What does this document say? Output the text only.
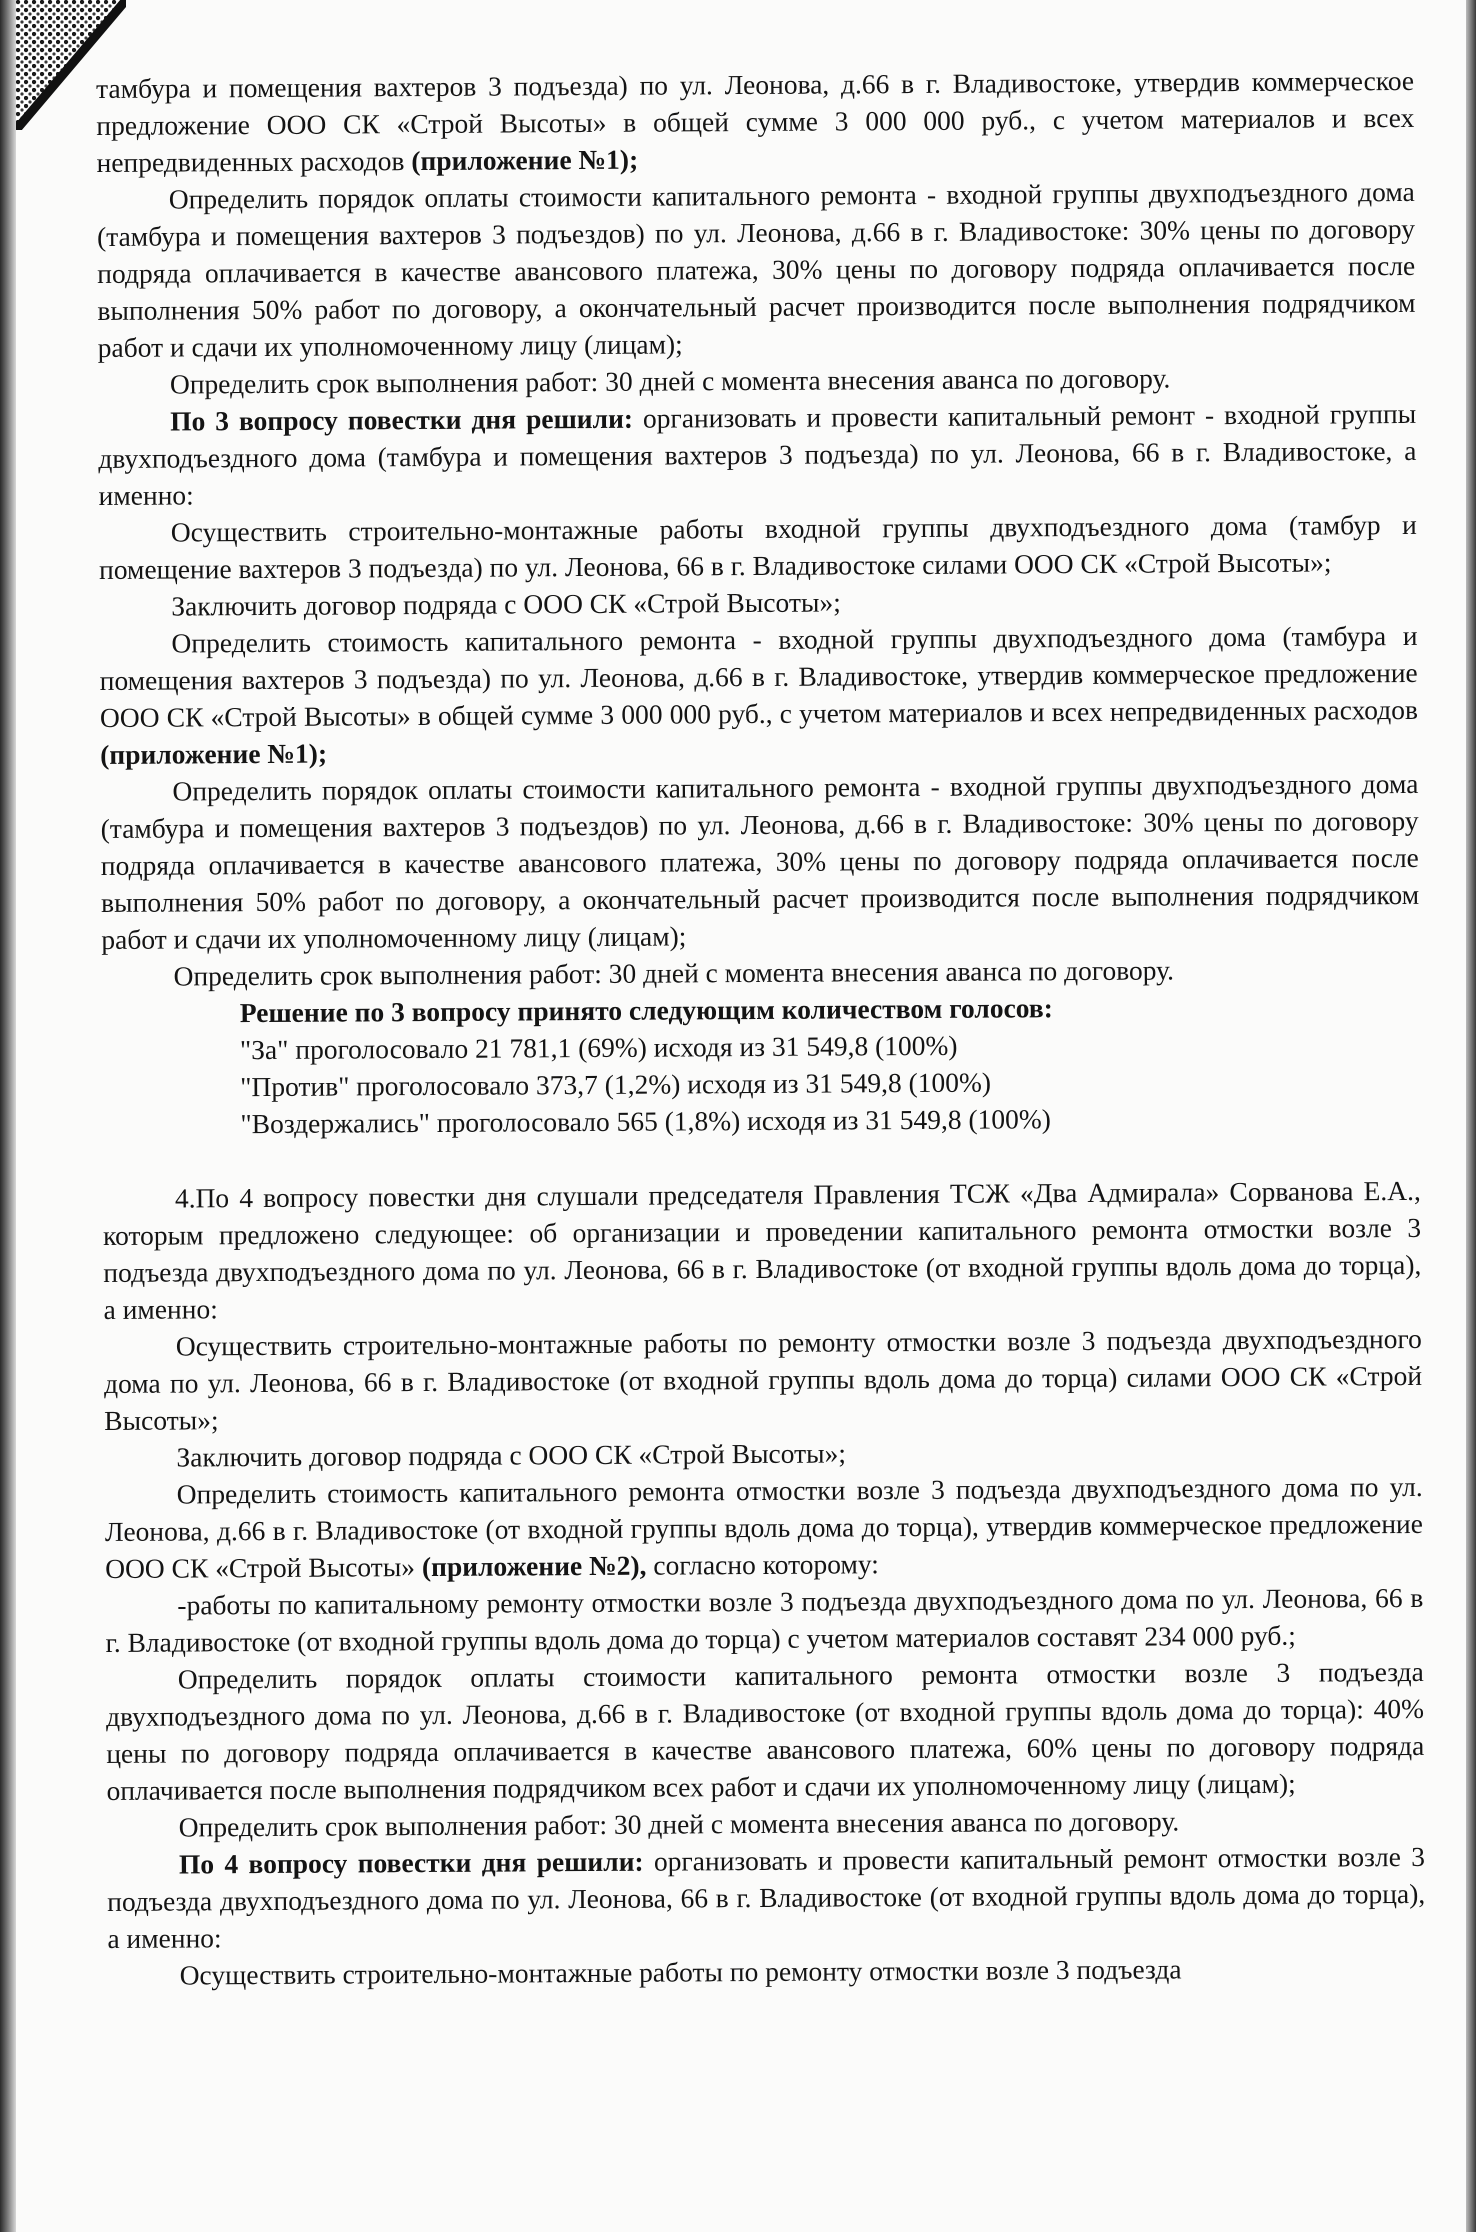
тамбура и помещения вахтеров 3 подъезда) по ул. Леонова, д.66 в г. Владивостоке, утвердив коммерческое предложение ООО СК «Строй Высоты» в общей сумме 3 000 000 руб., с учетом материалов и всех непредвиденных расходов (приложение №1);
Определить порядок оплаты стоимости капитального ремонта - входной группы двухподъездного дома (тамбура и помещения вахтеров 3 подъездов) по ул. Леонова, д.66 в г. Владивостоке: 30% цены по договору подряда оплачивается в качестве авансового платежа, 30% цены по договору подряда оплачивается после выполнения 50% работ по договору, а окончательный расчет производится после выполнения подрядчиком работ и сдачи их уполномоченному лицу (лицам);
Определить срок выполнения работ: 30 дней с момента внесения аванса по договору.
По 3 вопросу повестки дня решили: организовать и провести капитальный ремонт - входной группы двухподъездного дома (тамбура и помещения вахтеров 3 подъезда) по ул. Леонова, 66 в г. Владивостоке, а именно:
Осуществить строительно-монтажные работы входной группы двухподъездного дома (тамбур и помещение вахтеров 3 подъезда) по ул. Леонова, 66 в г. Владивостоке силами ООО СК «Строй Высоты»;
Заключить договор подряда с ООО СК «Строй Высоты»;
Определить стоимость капитального ремонта - входной группы двухподъездного дома (тамбура и помещения вахтеров 3 подъезда) по ул. Леонова, д.66 в г. Владивостоке, утвердив коммерческое предложение ООО СК «Строй Высоты» в общей сумме 3 000 000 руб., с учетом материалов и всех непредвиденных расходов (приложение №1);
Определить порядок оплаты стоимости капитального ремонта - входной группы двухподъездного дома (тамбура и помещения вахтеров 3 подъездов) по ул. Леонова, д.66 в г. Владивостоке: 30% цены по договору подряда оплачивается в качестве авансового платежа, 30% цены по договору подряда оплачивается после выполнения 50% работ по договору, а окончательный расчет производится после выполнения подрядчиком работ и сдачи их уполномоченному лицу (лицам);
Определить срок выполнения работ: 30 дней с момента внесения аванса по договору.
Решение по 3 вопросу принято следующим количеством голосов:
"За" проголосовало 21 781,1 (69%) исходя из 31 549,8 (100%)
"Против" проголосовало 373,7 (1,2%) исходя из 31 549,8 (100%)
"Воздержались" проголосовало 565 (1,8%) исходя из 31 549,8 (100%)
4.По 4 вопросу повестки дня слушали председателя Правления ТСЖ «Два Адмирала» Сорванова Е.А., которым предложено следующее: об организации и проведении капитального ремонта отмостки возле 3 подъезда двухподъездного дома по ул. Леонова, 66 в г. Владивостоке (от входной группы вдоль дома до торца), а именно:
Осуществить строительно-монтажные работы по ремонту отмостки возле 3 подъезда двухподъездного дома по ул. Леонова, 66 в г. Владивостоке (от входной группы вдоль дома до торца) силами ООО СК «Строй Высоты»;
Заключить договор подряда с ООО СК «Строй Высоты»;
Определить стоимость капитального ремонта отмостки возле 3 подъезда двухподъездного дома по ул. Леонова, д.66 в г. Владивостоке (от входной группы вдоль дома до торца), утвердив коммерческое предложение ООО СК «Строй Высоты» (приложение №2), согласно которому:
-работы по капитальному ремонту отмостки возле 3 подъезда двухподъездного дома по ул. Леонова, 66 в г. Владивостоке (от входной группы вдоль дома до торца) с учетом материалов составят 234 000 руб.;
Определить порядок оплаты стоимости капитального ремонта отмостки возле 3 подъезда двухподъездного дома по ул. Леонова, д.66 в г. Владивостоке (от входной группы вдоль дома до торца): 40% цены по договору подряда оплачивается в качестве авансового платежа, 60% цены по договору подряда оплачивается после выполнения подрядчиком всех работ и сдачи их уполномоченному лицу (лицам);
Определить срок выполнения работ: 30 дней с момента внесения аванса по договору.
По 4 вопросу повестки дня решили: организовать и провести капитальный ремонт отмостки возле 3 подъезда двухподъездного дома по ул. Леонова, 66 в г. Владивостоке (от входной группы вдоль дома до торца), а именно:
Осуществить строительно-монтажные работы по ремонту отмостки возле 3 подъезда
